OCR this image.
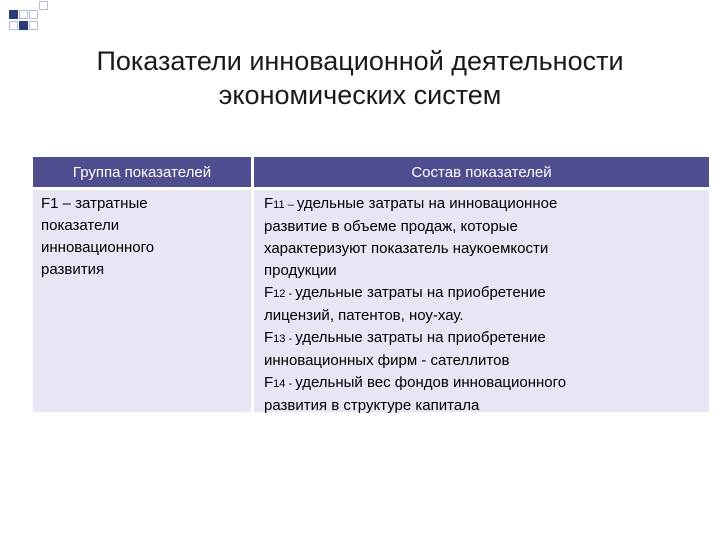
Показатели инновационной деятельности
экономических систем
Группа показателей	Состав показателей
F1 – затратные
показатели
инновационного
развития
F11 – удельные затраты на инновационное
развитие в объеме продаж, которые
характеризуют показатель наукоемкости
продукции
F12 - удельные затраты на приобретение
лицензий, патентов, ноу-хау.
F13 - удельные затраты на приобретение
инновационных фирм - сателлитов
F14 - удельный вес фондов инновационного
развития в структуре капитала
